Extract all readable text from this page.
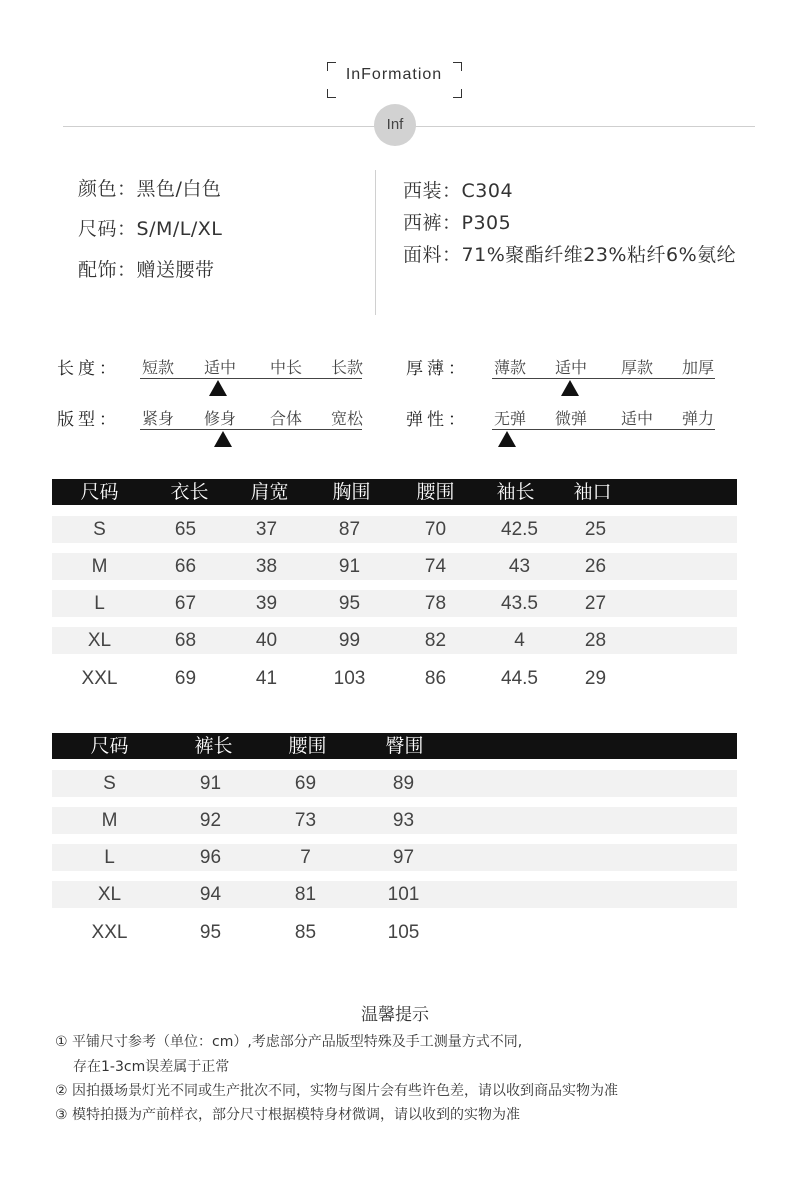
InFormation
Inf
颜色：黑色/白色
尺码：S/M/L/XL
配饰：赠送腰带
西装：C304
西裤：P305
面料：71%聚酯纤维23%粘纤6%氨纶
长度：	短款	适中	中长	长款	厚薄：	薄款	适中	厚款	加厚
版型：	紧身	修身	合体	宽松	弹性：	无弹	微弹	适中	弹力
尺码	衣长	肩宽	胸围	腰围	袖长	袖口
S	65	37	87	70	42.5	25
M	66	38	91	74	43	26
L	67	39	95	78	43.5	27
XL	68	40	99	82	4	28
XXL	69	41	103	86	44.5	29
尺码	裤长	腰围	臀围
S	91	69	89
M	92	73	93
L	96	7	97
XL	94	81	101
XXL	95	85	105
温馨提示
① 平铺尺寸参考（单位：cm）,考虑部分产品版型特殊及手工测量方式不同,
存在1-3cm误差属于正常
② 因拍摄场景灯光不同或生产批次不同，实物与图片会有些许色差，请以收到商品实物为准
③ 模特拍摄为产前样衣，部分尺寸根据模特身材微调，请以收到的实物为准
